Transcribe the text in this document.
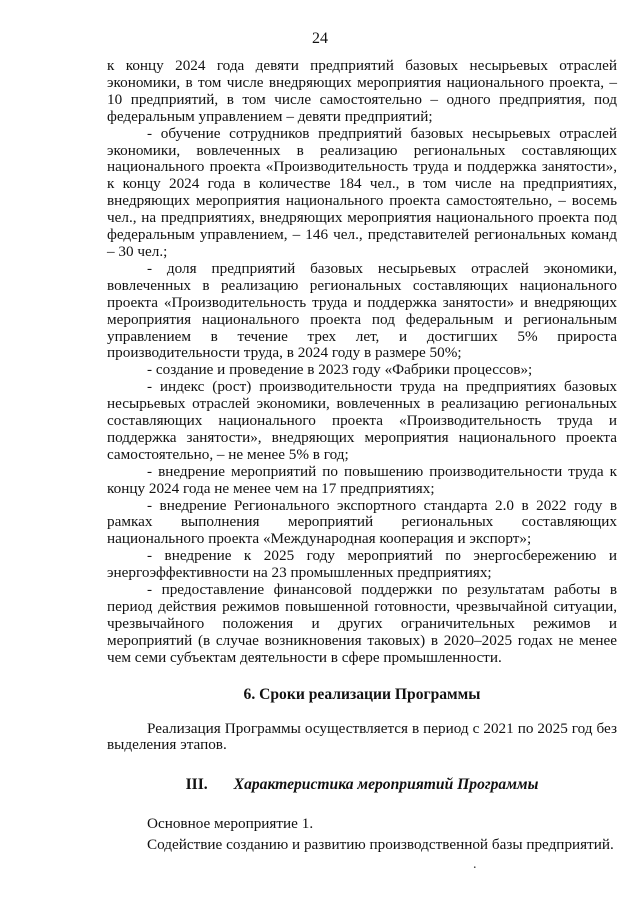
24

к концу 2024 года девяти предприятий базовых несырьевых отраслей экономики, в том числе внедряющих мероприятия национального проекта, – 10 предприятий, в том числе самостоятельно – одного предприятия, под федеральным управлением – девяти предприятий;

- обучение сотрудников предприятий базовых несырьевых отраслей экономики, вовлеченных в реализацию региональных составляющих национального проекта «Производительность труда и поддержка занятости», к концу 2024 года в количестве 184 чел., в том числе на предприятиях, внедряющих мероприятия национального проекта самостоятельно, – восемь чел., на предприятиях, внедряющих мероприятия национального проекта под федеральным управлением, – 146 чел., представителей региональных команд – 30 чел.;

- доля предприятий базовых несырьевых отраслей экономики, вовлеченных в реализацию региональных составляющих национального проекта «Производительность труда и поддержка занятости» и внедряющих мероприятия национального проекта под федеральным и региональным управлением в течение трех лет, и достигших 5% прироста производительности труда, в 2024 году в размере 50%;

- создание и проведение в 2023 году «Фабрики процессов»;

- индекс (рост) производительности труда на предприятиях базовых несырьевых отраслей экономики, вовлеченных в реализацию региональных составляющих национального проекта «Производительность труда и поддержка занятости», внедряющих мероприятия национального проекта самостоятельно, – не менее 5% в год;

- внедрение мероприятий по повышению производительности труда к концу 2024 года не менее чем на 17 предприятиях;

- внедрение Регионального экспортного стандарта 2.0 в 2022 году в рамках выполнения мероприятий региональных составляющих национального проекта «Международная кооперация и экспорт»;

- внедрение к 2025 году мероприятий по энергосбережению и энергоэффективности на 23 промышленных предприятиях;

- предоставление финансовой поддержки по результатам работы в период действия режимов повышенной готовности, чрезвычайной ситуации, чрезвычайного положения и других ограничительных режимов и мероприятий (в случае возникновения таковых) в 2020–2025 годах не менее чем семи субъектам деятельности в сфере промышленности.

6. Сроки реализации Программы

Реализация Программы осуществляется в период с 2021 по 2025 год без выделения этапов.

III. Характеристика мероприятий Программы

Основное мероприятие 1.

Содействие созданию и развитию производственной базы предприятий.

.
